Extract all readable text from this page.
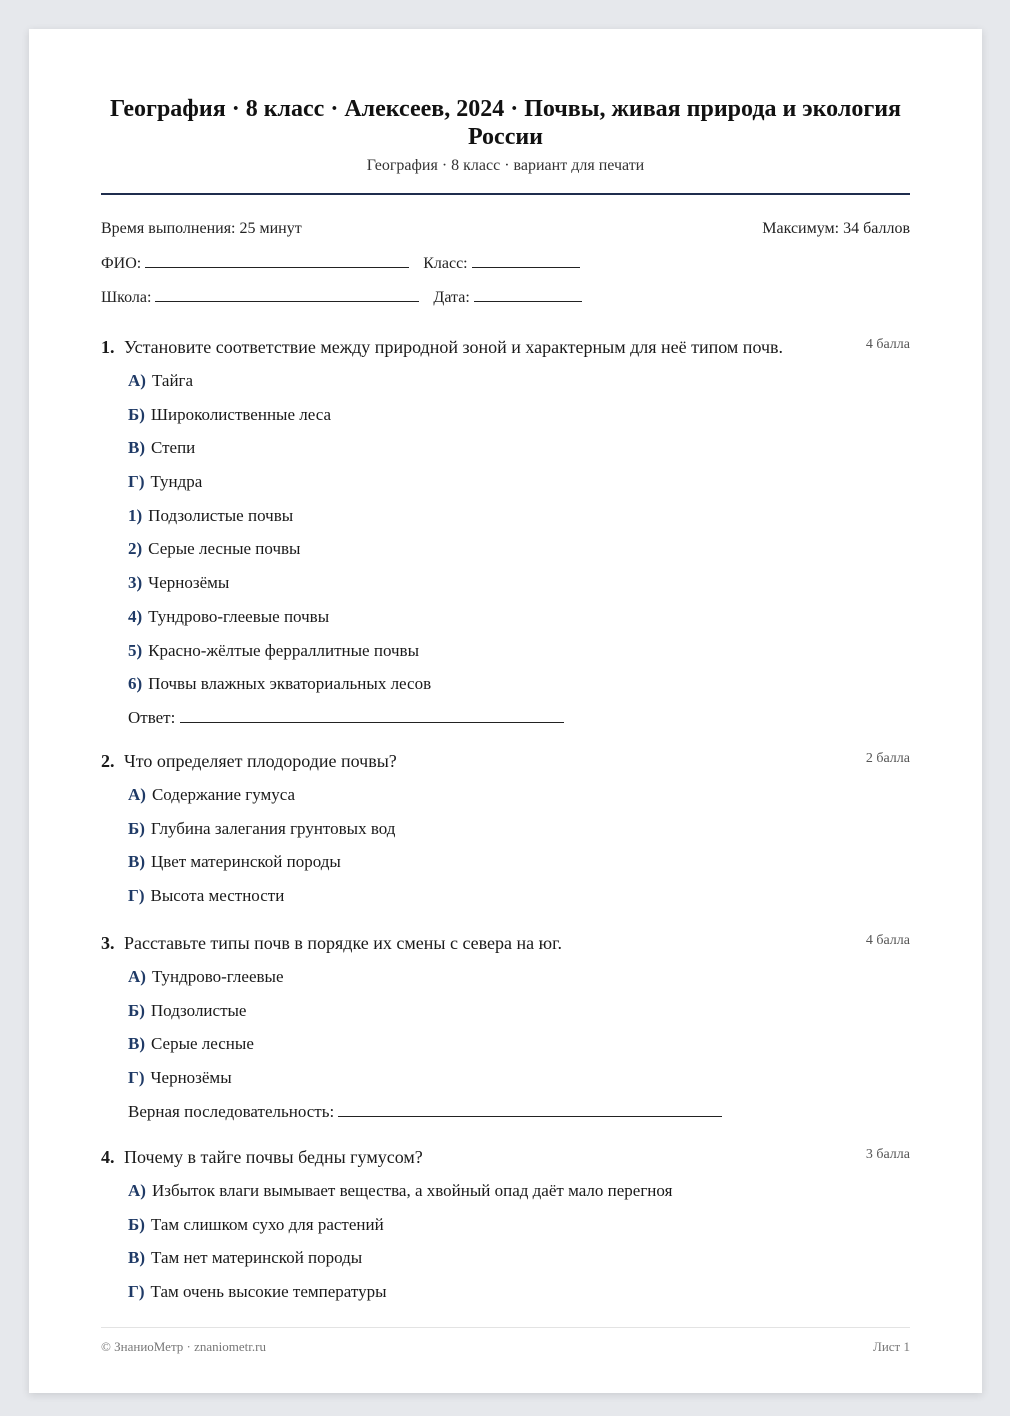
География · 8 класс · Алексеев, 2024 · Почвы, живая природа и экология России
География · 8 класс · вариант для печати
Время выполнения: 25 минут	Максимум: 34 баллов
ФИО:	Класс:
Школа:	Дата:
1. Установите соответствие между природной зоной и характерным для неё типом почв.	4 балла
А) Тайга
Б) Широколиственные леса
В) Степи
Г) Тундра
1) Подзолистые почвы
2) Серые лесные почвы
3) Чернозёмы
4) Тундрово-глеевые почвы
5) Красно-жёлтые ферраллитные почвы
6) Почвы влажных экваториальных лесов
Ответ:
2. Что определяет плодородие почвы?	2 балла
А) Содержание гумуса
Б) Глубина залегания грунтовых вод
В) Цвет материнской породы
Г) Высота местности
3. Расставьте типы почв в порядке их смены с севера на юг.	4 балла
А) Тундрово-глеевые
Б) Подзолистые
В) Серые лесные
Г) Чернозёмы
Верная последовательность:
4. Почему в тайге почвы бедны гумусом?	3 балла
А) Избыток влаги вымывает вещества, а хвойный опад даёт мало перегноя
Б) Там слишком сухо для растений
В) Там нет материнской породы
Г) Там очень высокие температуры
© ЗнаниоМетр · znaniometr.ru	Лист 1
